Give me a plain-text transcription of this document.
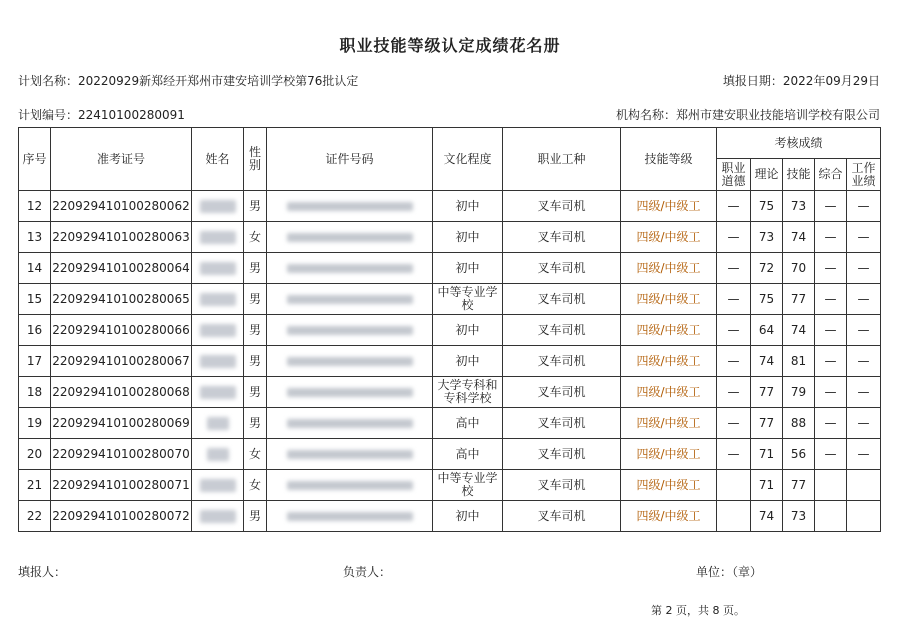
职业技能等级认定成绩花名册
计划名称：20220929新郑经开郑州市建安培训学校第76批认定	填报日期：2022年09月29日
计划编号：22410100280091	机构名称：郑州市建安职业技能培训学校有限公司
序号	准考证号	姓名	性别	证件号码	文化程度	职业工种	技能等级	考核成绩				
								职业道德	理论	技能	综合	工作业绩
12	220929410100280062		男		初中	叉车司机	四级/中级工	—	75	73	—	—
13	220929410100280063		女		初中	叉车司机	四级/中级工	—	73	74	—	—
14	220929410100280064		男		初中	叉车司机	四级/中级工	—	72	70	—	—
15	220929410100280065		男		中等专业学校	叉车司机	四级/中级工	—	75	77	—	—
16	220929410100280066		男		初中	叉车司机	四级/中级工	—	64	74	—	—
17	220929410100280067		男		初中	叉车司机	四级/中级工	—	74	81	—	—
18	220929410100280068		男		大学专科和专科学校	叉车司机	四级/中级工	—	77	79	—	—
19	220929410100280069		男		高中	叉车司机	四级/中级工	—	77	88	—	—
20	220929410100280070		女		高中	叉车司机	四级/中级工	—	71	56	—	—
21	220929410100280071		女		中等专业学校	叉车司机	四级/中级工		71	77		
22	220929410100280072		男		初中	叉车司机	四级/中级工		74	73		
填报人：	负责人：	单位：（章）
第 2 页，共 8 页。
